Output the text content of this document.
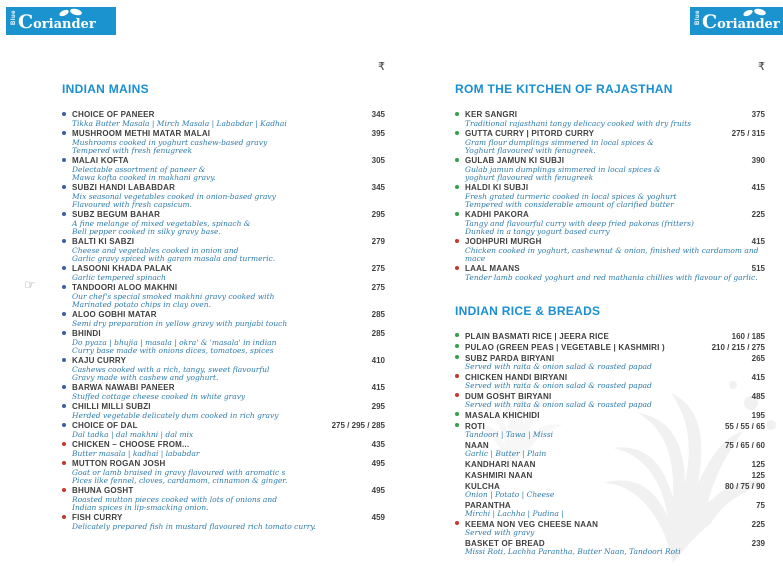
Blue Coriander
₹
INDIAN MAINS
CHOICE OF PANEER	345
Tikka Butter Masala | Mirch Masala | Lababdar | Kadhai
MUSHROOM METHI MATAR MALAI	395
Mushrooms cooked in yoghurt cashew-based gravy
Tempered with fresh fenugreek
MALAI KOFTA	305
Delectable assortment of paneer &
Mawa kofta cooked in makhani gravy.
SUBZI HANDI LABABDAR	345
Mix seasonal vegetables cooked in onion-based gravy
Flavoured with fresh capsicum.
SUBZ BEGUM BAHAR	295
A fine melange of mixed vegetables, spinach &
Bell pepper cooked in silky gravy base.
BALTI KI SABZI	279
Cheese and vegetables cooked in onion and
Garlic gravy spiced with garam masala and turmeric.
LASOONI KHADA PALAK	275
Garlic tempered spinach
☞	TANDOORI ALOO MAKHNI	275
Our chef's special smoked makhni gravy cooked with
Marinated potato chips in clay oven.
ALOO GOBHI MATAR	285
Semi dry preparation in yellow gravy with punjabi touch
BHINDI	285
Do pyaza | bhujia | masala | okra' & 'masala' in indian
Curry base made with onions dices, tomatoes, spices
KAJU CURRY	410
Cashews cooked with a rich, tangy, sweet flavourful
Gravy made with cashew and yoghurt.
BARWA NAWABI PANEER	415
Stuffed cottage cheese cooked in white gravy
CHILLI MILLI SUBZI	295
Herded vegetable delicately dum cooked in rich gravy
CHOICE OF DAL	275 / 295 / 285
Dal tadka | dal makhni | dal mix
CHICKEN – CHOOSE FROM...	435
Butter masala | kadhai | lababdar
MUTTON ROGAN JOSH	495
Goat or lamb braised in gravy flavoured with aromatic s
Pices like fennel, cloves, cardamom, cinnamon & ginger.
BHUNA GOSHT	495
Roasted mutton pieces cooked with lots of onions and
Indian spices in lip-smacking onion.
FISH CURRY	459
Delicately prepared fish in mustard flavoured rich tomato curry.
Blue Coriander
₹
ROM THE KITCHEN OF RAJASTHAN
KER SANGRI	375
Traditional rajasthani tangy delicacy cooked with dry fruits
GUTTA CURRY | PITORD CURRY	275 / 315
Gram flour dumplings simmered in local spices &
Yoghurt flavoured with fenugreek.
GULAB JAMUN KI SUBJI	390
Gulab jamun dumplings simmered in local spices &
yoghurt flavoured with fenugreek
HALDI KI SUBJI	415
Fresh grated turmeric cooked in local spices & yoghurt
Tempered with considerable amount of clarified butter
KADHI PAKORA	225
Tangy and flavourful curry with deep fried pakoras (fritters)
Dunked in a tangy yogurt based curry
JODHPURI MURGH	415
Chicken cooked in yoghurt, cashewnut & onion, finished with cardamom and mace
LAAL MAANS	515
Tender lamb cooked yoghurt and red mathania chillies with flavour of garlic.
INDIAN RICE & BREADS
PLAIN BASMATI RICE | JEERA RICE	160 / 185
PULAO (GREEN PEAS | VEGETABLE | KASHMIRI )	210 / 215 / 275
SUBZ PARDA BIRYANI	265
Served with raita & onion salad & roasted papad
CHICKEN HANDI BIRYANI	415
Served with raita & onion salad & roasted papad
DUM GOSHT BIRYANI	485
Served with raita & onion salad & roasted papad
MASALA KHICHIDI	195
ROTI	55 / 55 / 65
Tandoori | Tawa | Missi
NAAN	75 / 65 / 60
Garlic | Butter | Plain
KANDHARI NAAN	125
KASHMIRI NAAN	125
KULCHA	80 / 75 / 90
Onion | Potato | Cheese
PARANTHA	75
Mirchi | Lachha | Pudina |
KEEMA NON VEG CHEESE NAAN	225
Served with gravy
BASKET OF BREAD	239
Missi Roti, Lachha Parantha, Butter Naan, Tandoori Roti
